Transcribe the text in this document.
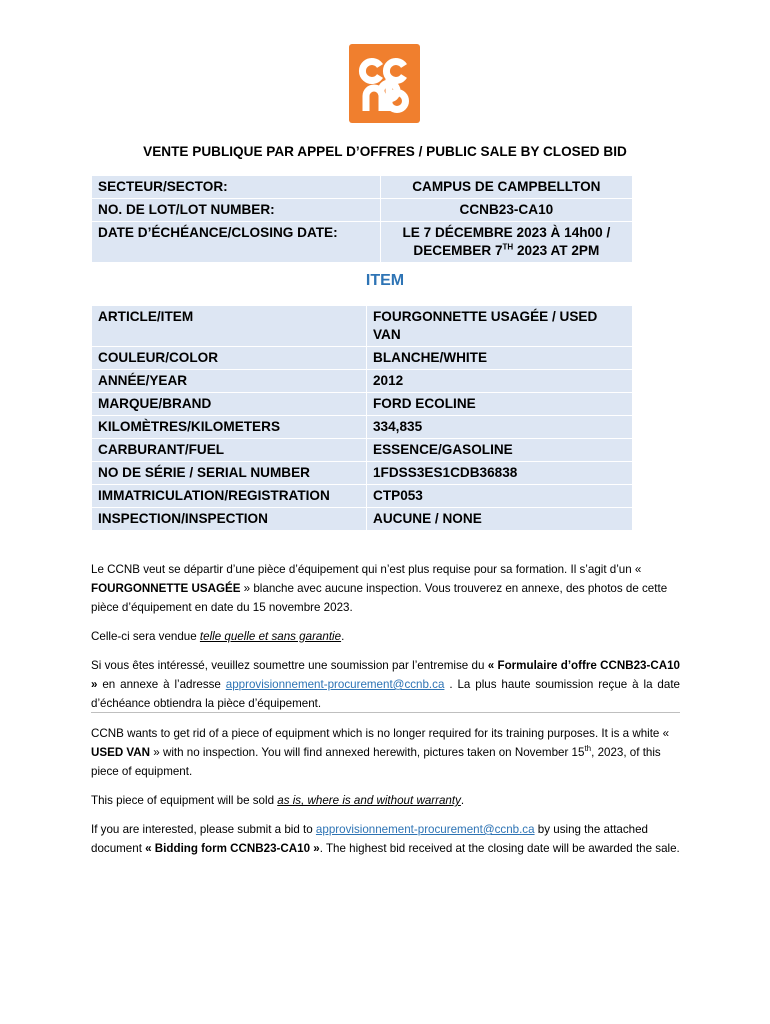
VENTE PUBLIQUE PAR APPEL D’OFFRES / PUBLIC SALE BY CLOSED BID
SECTEUR/SECTOR:	CAMPUS DE CAMPBELLTON
NO. DE LOT/LOT NUMBER:	CCNB23-CA10
DATE D’ÉCHÉANCE/CLOSING DATE:	LE 7 DÉCEMBRE 2023 À 14h00 /
DECEMBER 7TH 2023 AT 2PM
ITEM
ARTICLE/ITEM	FOURGONNETTE USAGÉE / USED VAN
COULEUR/COLOR	BLANCHE/WHITE
ANNÉE/YEAR	2012
MARQUE/BRAND	FORD ECOLINE
KILOMÈTRES/KILOMETERS	334,835
CARBURANT/FUEL	ESSENCE/GASOLINE
NO DE SÉRIE / SERIAL NUMBER	1FDSS3ES1CDB36838
IMMATRICULATION/REGISTRATION	CTP053
INSPECTION/INSPECTION	AUCUNE / NONE

Le CCNB veut se départir d’une pièce d’équipement qui n’est plus requise pour sa formation. Il s’agit d’un « FOURGONNETTE USAGÉE » blanche avec aucune inspection. Vous trouverez en annexe, des photos de cette pièce d’équipement en date du 15 novembre 2023.

Celle-ci sera vendue telle quelle et sans garantie.

Si vous êtes intéressé, veuillez soumettre une soumission par l’entremise du « Formulaire d’offre CCNB23-CA10 » en annexe à l’adresse approvisionnement-procurement@ccnb.ca . La plus haute soumission reçue à la date d’échéance obtiendra la pièce d’équipement.

CCNB wants to get rid of a piece of equipment which is no longer required for its training purposes. It is a white « USED VAN » with no inspection. You will find annexed herewith, pictures taken on November 15th, 2023, of this piece of equipment.

This piece of equipment will be sold as is, where is and without warranty.

If you are interested, please submit a bid to approvisionnement-procurement@ccnb.ca by using the attached document « Bidding form CCNB23-CA10 ». The highest bid received at the closing date will be awarded the sale.
